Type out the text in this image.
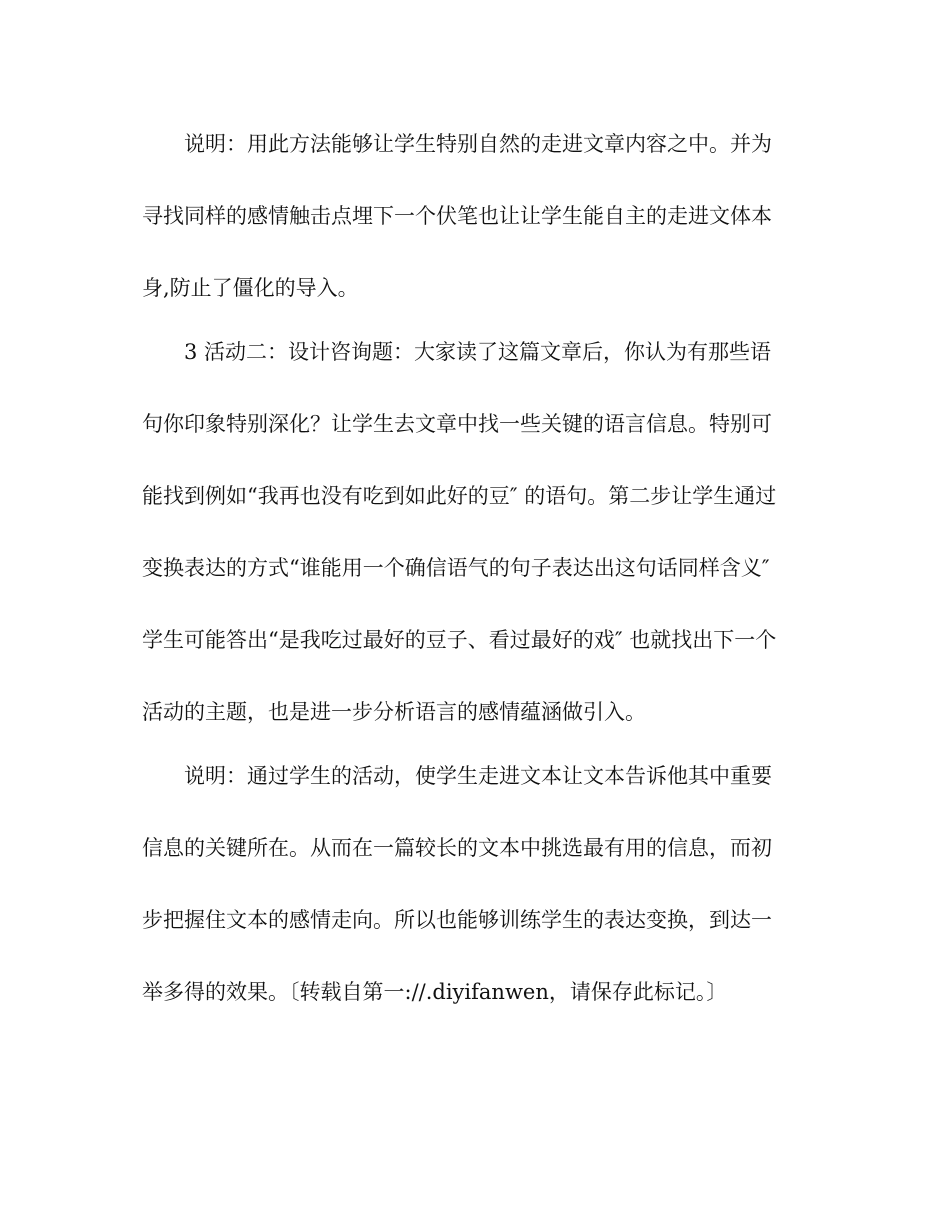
说明：用此方法能够让学生特别自然的走进文章内容之中。并为
寻找同样的感情触击点埋下一个伏笔也让让学生能自主的走进文体本
身,防止了僵化的导入。
3 活动二：设计咨询题：大家读了这篇文章后，你认为有那些语
句你印象特别深化？让学生去文章中找一些关键的语言信息。特别可
能找到例如“我再也没有吃到如此好的豆″ 的语句。第二步让学生通过
变换表达的方式“谁能用一个确信语气的句子表达出这句话同样含义″
学生可能答出“是我吃过最好的豆子、看过最好的戏″ 也就找出下一个
活动的主题，也是进一步分析语言的感情蕴涵做引入。
说明：通过学生的活动，使学生走进文本让文本告诉他其中重要
信息的关键所在。从而在一篇较长的文本中挑选最有用的信息，而初
步把握住文本的感情走向。所以也能够训练学生的表达变换，到达一
举多得的效果。〔转载自第一://.diyifanwen，请保存此标记。〕
